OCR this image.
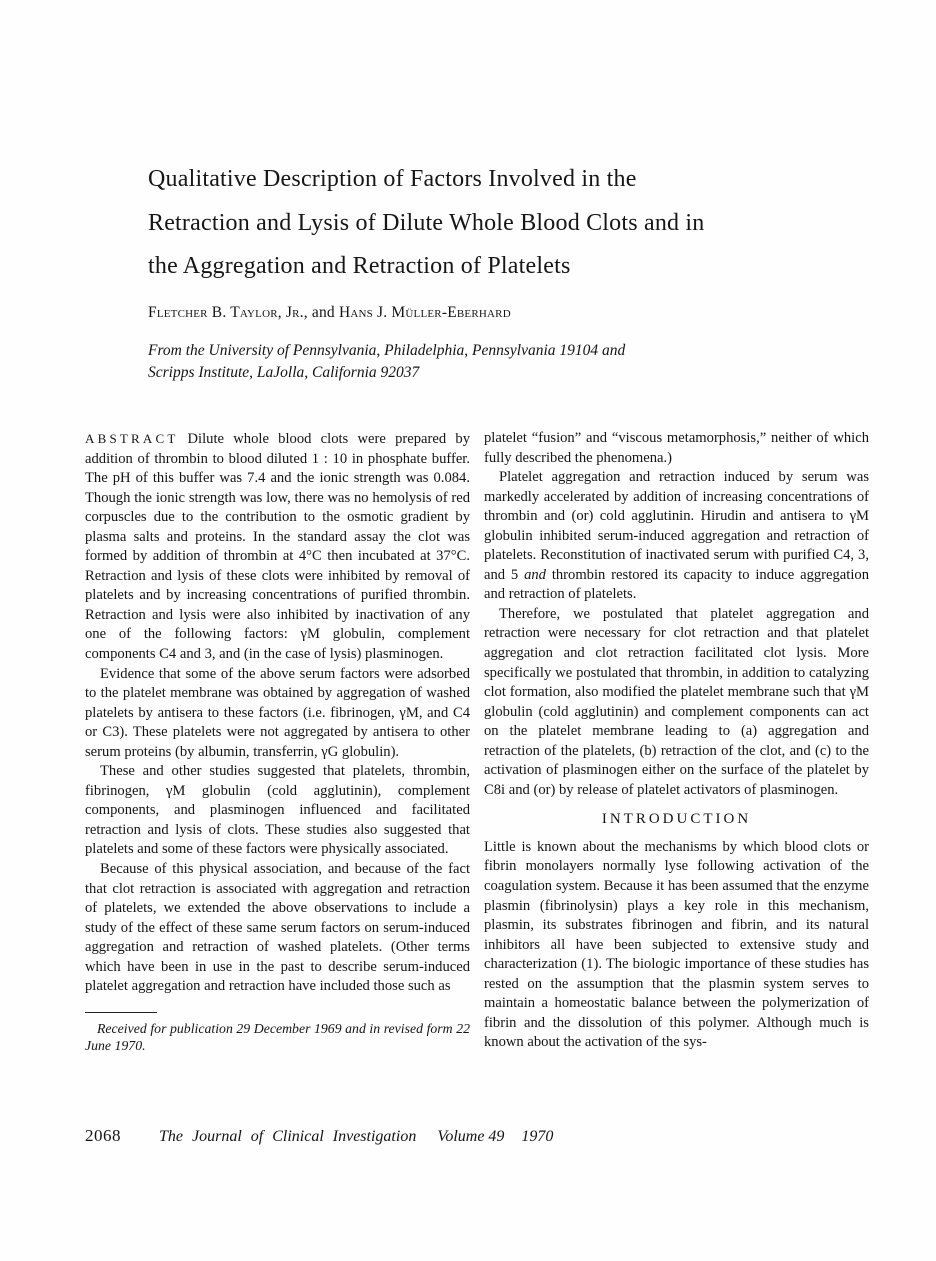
Qualitative Description of Factors Involved in the
Retraction and Lysis of Dilute Whole Blood Clots and in
the Aggregation and Retraction of Platelets
Fletcher B. Taylor, Jr., and Hans J. Müller-Eberhard
From the University of Pennsylvania, Philadelphia, Pennsylvania 19104 and
Scripps Institute, LaJolla, California 92037

ABSTRACT Dilute whole blood clots were prepared by addition of thrombin to blood diluted 1 : 10 in phosphate buffer. The pH of this buffer was 7.4 and the ionic strength was 0.084. Though the ionic strength was low, there was no hemolysis of red corpuscles due to the contribution to the osmotic gradient by plasma salts and proteins. In the standard assay the clot was formed by addition of thrombin at 4°C then incubated at 37°C. Retraction and lysis of these clots were inhibited by removal of platelets and by increasing concentrations of purified thrombin. Retraction and lysis were also inhibited by inactivation of any one of the following factors: γM globulin, complement components C4 and 3, and (in the case of lysis) plasminogen.

Evidence that some of the above serum factors were adsorbed to the platelet membrane was obtained by aggregation of washed platelets by antisera to these factors (i.e. fibrinogen, γM, and C4 or C3). These platelets were not aggregated by antisera to other serum proteins (by albumin, transferrin, γG globulin).

These and other studies suggested that platelets, thrombin, fibrinogen, γM globulin (cold agglutinin), complement components, and plasminogen influenced and facilitated retraction and lysis of clots. These studies also suggested that platelets and some of these factors were physically associated.

Because of this physical association, and because of the fact that clot retraction is associated with aggregation and retraction of platelets, we extended the above observations to include a study of the effect of these same serum factors on serum-induced aggregation and retraction of washed platelets. (Other terms which have been in use in the past to describe serum-induced platelet aggregation and retraction have included those such as

Received for publication 29 December 1969 and in revised form 22 June 1970.

platelet “fusion” and “viscous metamorphosis,” neither of which fully described the phenomena.)

Platelet aggregation and retraction induced by serum was markedly accelerated by addition of increasing concentrations of thrombin and (or) cold agglutinin. Hirudin and antisera to γM globulin inhibited serum-induced aggregation and retraction of platelets. Reconstitution of inactivated serum with purified C4, 3, and 5 and thrombin restored its capacity to induce aggregation and retraction of platelets.

Therefore, we postulated that platelet aggregation and retraction were necessary for clot retraction and that platelet aggregation and clot retraction facilitated clot lysis. More specifically we postulated that thrombin, in addition to catalyzing clot formation, also modified the platelet membrane such that γM globulin (cold agglutinin) and complement components can act on the platelet membrane leading to (a) aggregation and retraction of the platelets, (b) retraction of the clot, and (c) to the activation of plasminogen either on the surface of the platelet by C8i and (or) by release of platelet activators of plasminogen.

INTRODUCTION

Little is known about the mechanisms by which blood clots or fibrin monolayers normally lyse following activation of the coagulation system. Because it has been assumed that the enzyme plasmin (fibrinolysin) plays a key role in this mechanism, plasmin, its substrates fibrinogen and fibrin, and its natural inhibitors all have been subjected to extensive study and characterization (1). The biologic importance of these studies has rested on the assumption that the plasmin system serves to maintain a homeostatic balance between the polymerization of fibrin and the dissolution of this polymer. Although much is known about the activation of the sys-

2068 The Journal of Clinical Investigation Volume 49 1970
